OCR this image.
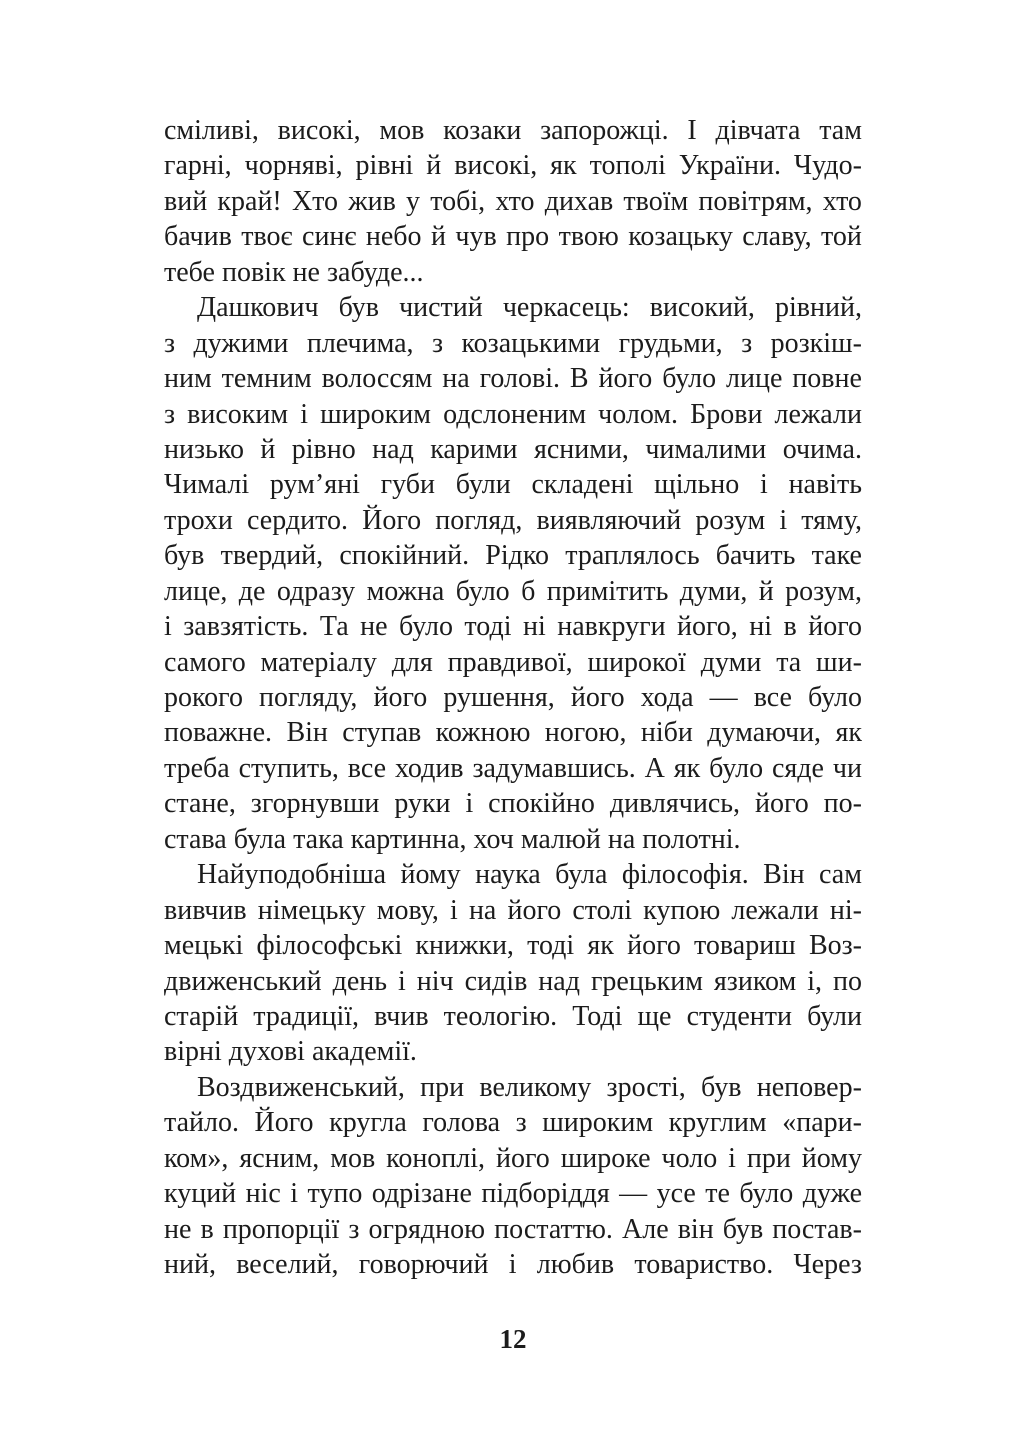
сміливі, високі, мов козаки запорожці. І дівчата там
гарні, чорняві, рівні й високі, як тополі України. Чудо-
вий край! Хто жив у тобі, хто дихав твоїм повітрям, хто
бачив твоє синє небо й чув про твою козацьку славу, той
тебе повік не забуде...
Дашкович був чистий черкасець: високий, рівний,
з дужими плечима, з козацькими грудьми, з розкіш-
ним темним волоссям на голові. В його було лице повне
з високим і широким одслоненим чолом. Брови лежали
низько й рівно над карими ясними, чималими очима.
Чималі рум’яні губи були складені щільно і навіть
трохи сердито. Його погляд, виявляючий розум і тяму,
був твердий, спокійний. Рідко траплялось бачить таке
лице, де одразу можна було б примітить думи, й розум,
і завзятість. Та не було тоді ні навкруги його, ні в його
самого матеріалу для правдивої, широкої думи та ши-
рокого погляду, його рушення, його хода — все було
поважне. Він ступав кожною ногою, ніби думаючи, як
треба ступить, все ходив задумавшись. А як було сяде чи
стане, згорнувши руки і спокійно дивлячись, його по-
става була така картинна, хоч малюй на полотні.
Найуподобніша йому наука була філософія. Він сам
вивчив німецьку мову, і на його столі купою лежали ні-
мецькі філософські книжки, тоді як його товариш Воз-
движенський день і ніч сидів над грецьким язиком і, по
старій традиції, вчив теологію. Тоді ще студенти були
вірні духові академії.
Воздвиженський, при великому зрості, був неповер-
тайло. Його кругла голова з широким круглим «пари-
ком», ясним, мов коноплі, його широке чоло і при йому
куций ніс і тупо одрізане підборіддя — усе те було дуже
не в пропорції з огрядною постаттю. Але він був постав-
ний, веселий, говорючий і любив товариство. Через
12
